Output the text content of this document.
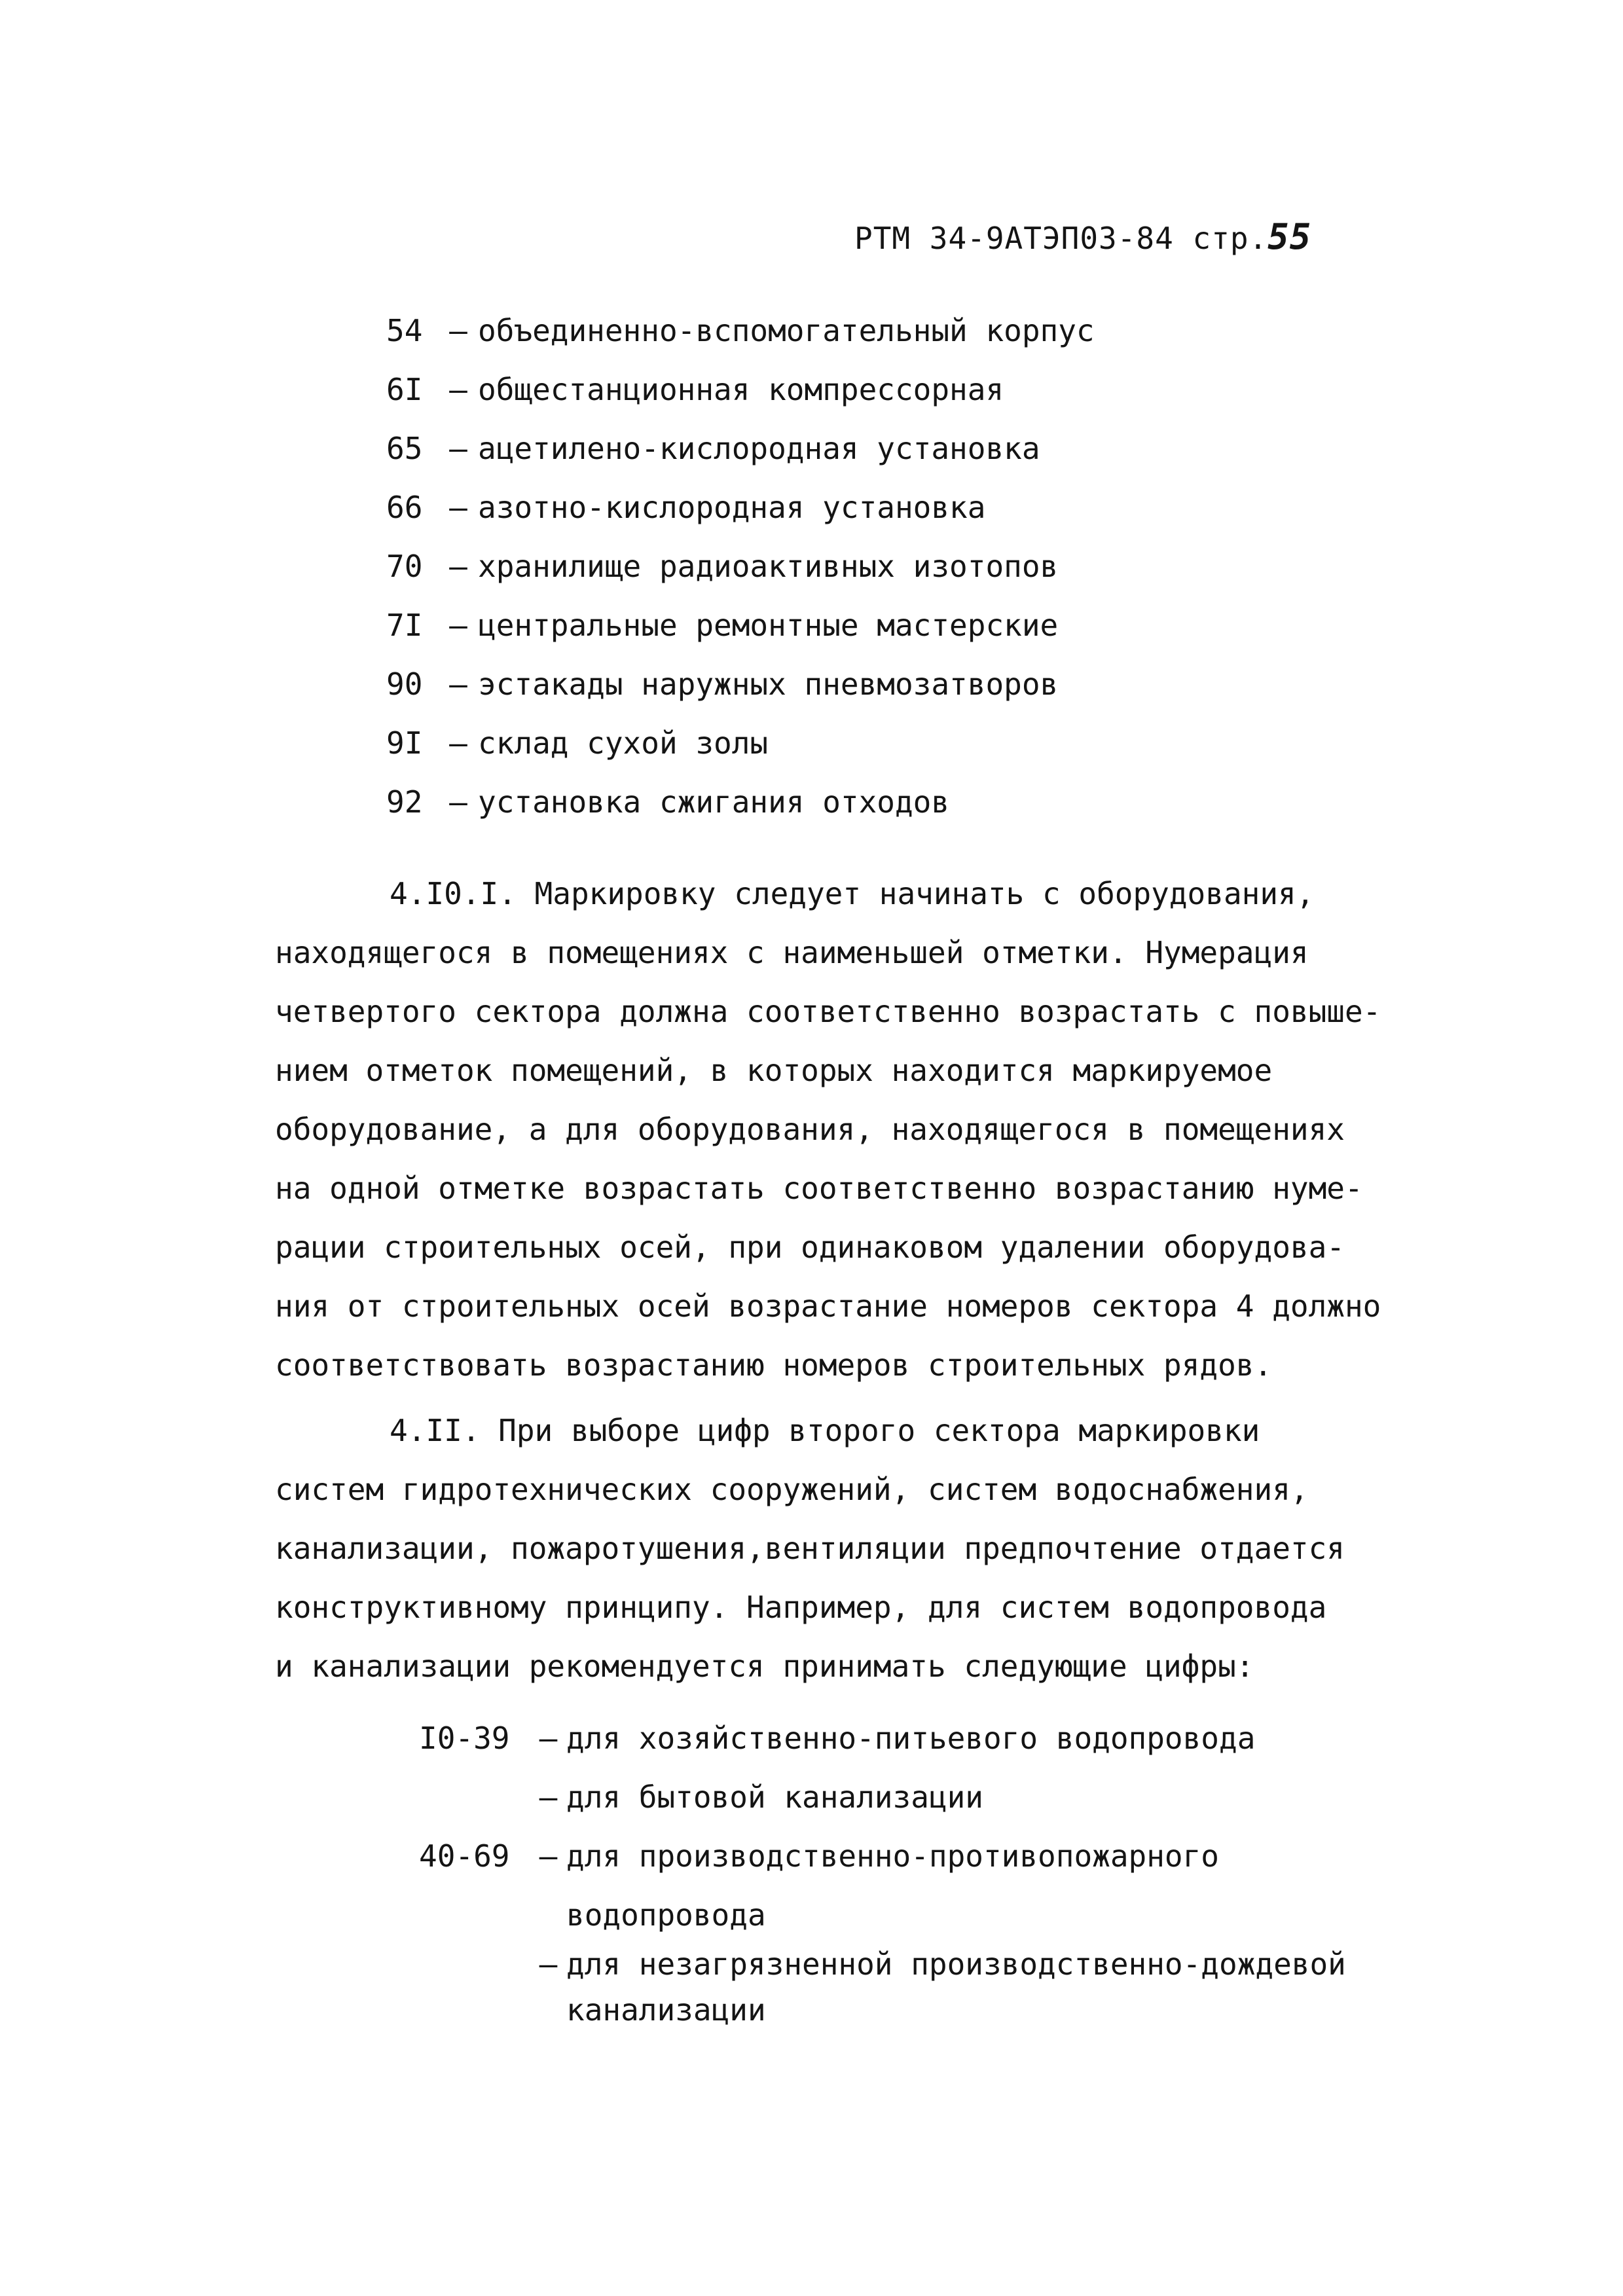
РТМ 34-9АТЭП03-84 стр.55
54 – объединенно-вспомогательный корпус
6I – общестанционная компрессорная
65 – ацетилено-кислородная установка
66 – азотно-кислородная установка
70 – хранилище радиоактивных изотопов
7I – центральные ремонтные мастерские
90 – эстакады наружных пневмозатворов
9I – склад сухой золы
92 – установка сжигания отходов
4.I0.I. Маркировку следует начинать с оборудования,
находящегося в помещениях с наименьшей отметки. Нумерация
четвертого сектора должна соответственно возрастать с повыше-
нием отметок помещений, в которых находится маркируемое
оборудование, а для оборудования, находящегося в помещениях
на одной отметке возрастать соответственно возрастанию нуме-
рации строительных осей, при одинаковом удалении оборудова-
ния от строительных осей возрастание номеров сектора 4 должно
соответствовать возрастанию номеров строительных рядов.
4.II. При выборе цифр второго сектора маркировки
систем гидротехнических сооружений, систем водоснабжения,
канализации, пожаротушения,вентиляции предпочтение отдается
конструктивному принципу. Например, для систем водопровода
и канализации рекомендуется принимать следующие цифры:
I0-39 – для хозяйственно-питьевого водопровода
– для бытовой канализации
40-69 – для производственно-противопожарного
водопровода
– для незагрязненной производственно-дождевой
канализации
